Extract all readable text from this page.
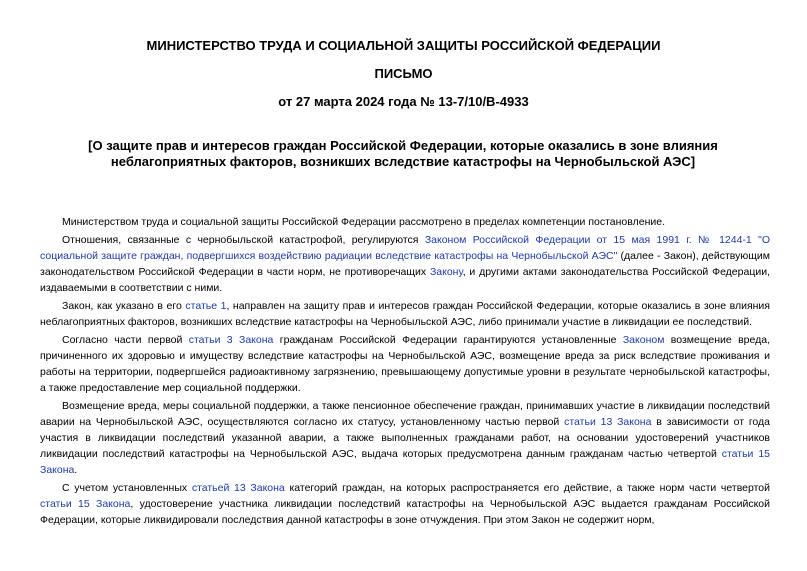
МИНИСТЕРСТВО ТРУДА И СОЦИАЛЬНОЙ ЗАЩИТЫ РОССИЙСКОЙ ФЕДЕРАЦИИ
ПИСЬМО
от 27 марта 2024 года № 13-7/10/В-4933
[О защите прав и интересов граждан Российской Федерации, которые оказались в зоне влияния неблагоприятных факторов, возникших вследствие катастрофы на Чернобыльской АЭС]

Министерством труда и социальной защиты Российской Федерации рассмотрено в пределах компетенции постановление.

Отношения, связанные с чернобыльской катастрофой, регулируются Законом Российской Федерации от 15 мая 1991 г. № 1244-1 "О социальной защите граждан, подвергшихся воздействию радиации вследствие катастрофы на Чернобыльской АЭС" (далее - Закон), действующим законодательством Российской Федерации в части норм, не противоречащих Закону, и другими актами законодательства Российской Федерации, издаваемыми в соответствии с ними.

Закон, как указано в его статье 1, направлен на защиту прав и интересов граждан Российской Федерации, которые оказались в зоне влияния неблагоприятных факторов, возникших вследствие катастрофы на Чернобыльской АЭС, либо принимали участие в ликвидации ее последствий.

Согласно части первой статьи 3 Закона гражданам Российской Федерации гарантируются установленные Законом возмещение вреда, причиненного их здоровью и имуществу вследствие катастрофы на Чернобыльской АЭС, возмещение вреда за риск вследствие проживания и работы на территории, подвергшейся радиоактивному загрязнению, превышающему допустимые уровни в результате чернобыльской катастрофы, а также предоставление мер социальной поддержки.

Возмещение вреда, меры социальной поддержки, а также пенсионное обеспечение граждан, принимавших участие в ликвидации последствий аварии на Чернобыльской АЭС, осуществляются согласно их статусу, установленному частью первой статьи 13 Закона в зависимости от года участия в ликвидации последствий указанной аварии, а также выполненных гражданами работ, на основании удостоверений участников ликвидации последствий катастрофы на Чернобыльской АЭС, выдача которых предусмотрена данным гражданам частью четвертой статьи 15 Закона.

С учетом установленных статьей 13 Закона категорий граждан, на которых распространяется его действие, а также норм части четвертой статьи 15 Закона, удостоверение участника ликвидации последствий катастрофы на Чернобыльской АЭС выдается гражданам Российской Федерации, которые ликвидировали последствия данной катастрофы в зоне отчуждения. При этом Закон не содержит норм,
